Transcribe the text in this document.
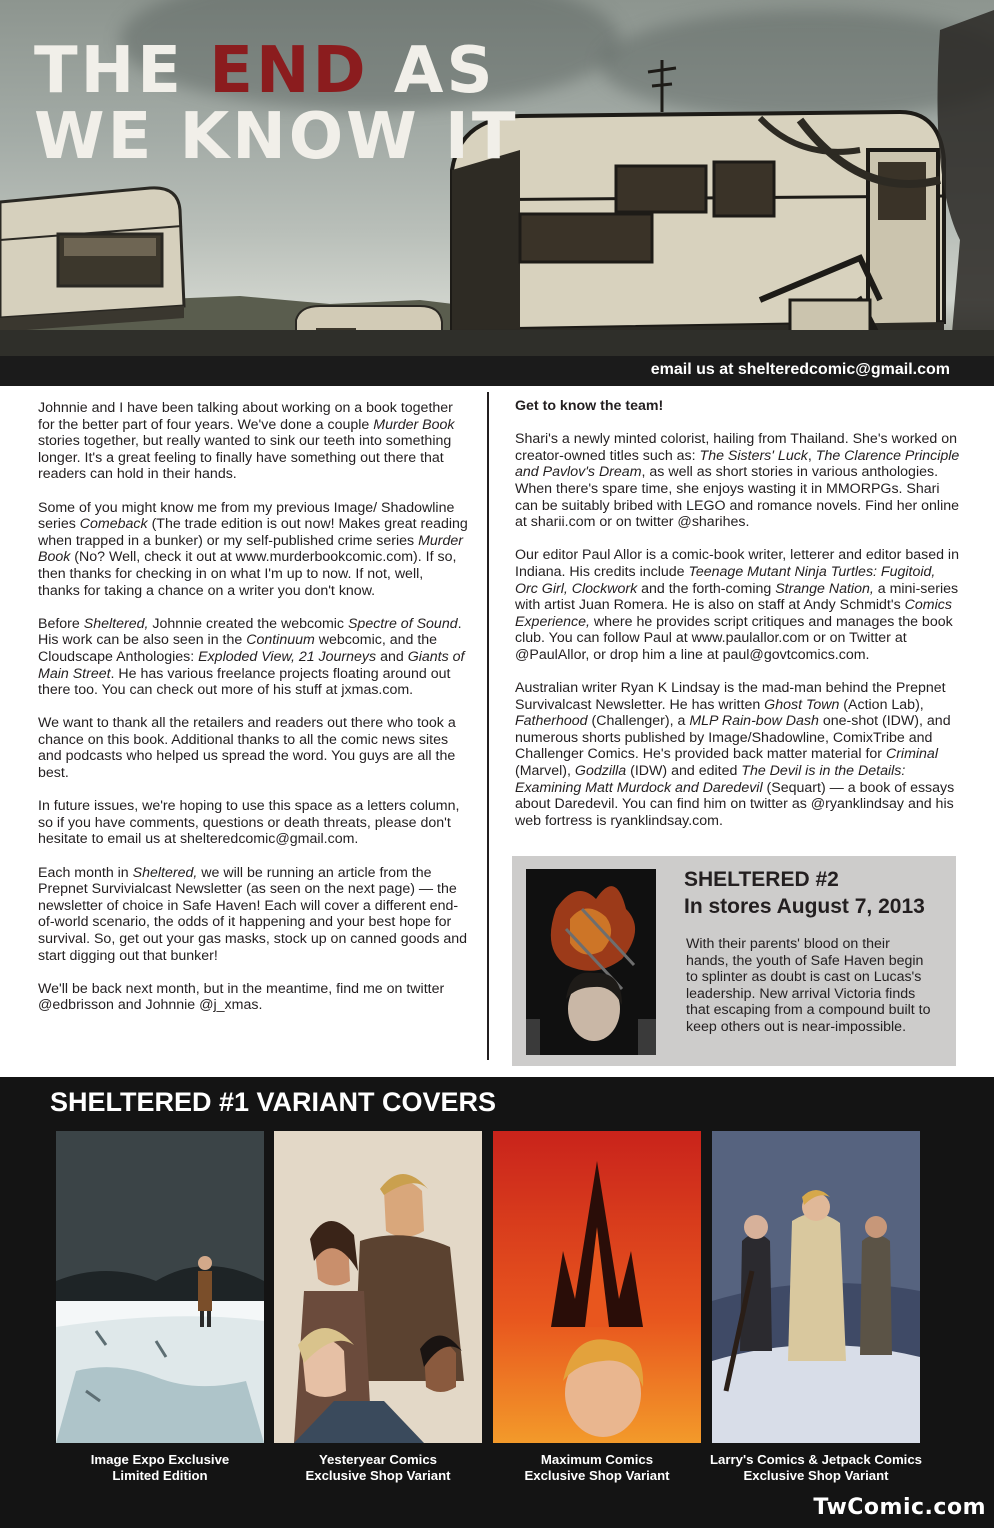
THE END AS
WE KNOW IT
email us at shelteredcomic@gmail.com

Johnnie and I have been talking about working on a book together for the better part of four years. We've done a couple Murder Book stories together, but really wanted to sink our teeth into something longer. It's a great feeling to finally have something out there that readers can hold in their hands.

Some of you might know me from my previous Image/ Shadowline series Comeback (The trade edition is out now! Makes great reading when trapped in a bunker) or my self-published crime series Murder Book (No? Well, check it out at www.murderbookcomic.com). If so, then thanks for checking in on what I'm up to now. If not, well, thanks for taking a chance on a writer you don't know.

Before Sheltered, Johnnie created the webcomic Spectre of Sound. His work can be also seen in the Continuum webcomic, and the Cloudscape Anthologies: Exploded View, 21 Journeys and Giants of Main Street. He has various freelance projects floating around out there too. You can check out more of his stuff at jxmas.com.

We want to thank all the retailers and readers out there who took a chance on this book. Additional thanks to all the comic news sites and podcasts who helped us spread the word. You guys are all the best.

In future issues, we're hoping to use this space as a letters column, so if you have comments, questions or death threats, please don't hesitate to email us at shelteredcomic@gmail.com.

Each month in Sheltered, we will be running an article from the Prepnet Survivialcast Newsletter (as seen on the next page) — the newsletter of choice in Safe Haven! Each will cover a different end-of-world scenario, the odds of it happening and your best hope for survival. So, get out your gas masks, stock up on canned goods and start digging out that bunker!

We'll be back next month, but in the meantime, find me on twitter @edbrisson and Johnnie @j_xmas.

Get to know the team!

Shari's a newly minted colorist, hailing from Thailand. She's worked on creator-owned titles such as: The Sisters' Luck, The Clarence Principle and Pavlov's Dream, as well as short stories in various anthologies. When there's spare time, she enjoys wasting it in MMORPGs. Shari can be suitably bribed with LEGO and romance novels. Find her online at sharii.com or on twitter @sharihes.

Our editor Paul Allor is a comic-book writer, letterer and editor based in Indiana. His credits include Teenage Mutant Ninja Turtles: Fugitoid, Orc Girl, Clockwork and the forth-coming Strange Nation, a mini-series with artist Juan Romera. He is also on staff at Andy Schmidt's Comics Experience, where he provides script critiques and manages the book club. You can follow Paul at www.paulallor.com or on Twitter at @PaulAllor, or drop him a line at paul@govtcomics.com.

Australian writer Ryan K Lindsay is the mad-man behind the Prepnet Survivalcast Newsletter. He has written Ghost Town (Action Lab), Fatherhood (Challenger), a MLP Rain-bow Dash one-shot (IDW), and numerous shorts published by Image/Shadowline, ComixTribe and Challenger Comics. He's provided back matter material for Criminal (Marvel), Godzilla (IDW) and edited The Devil is in the Details: Examining Matt Murdock and Daredevil (Sequart) — a book of essays about Daredevil. You can find him on twitter as @ryanklindsay and his web fortress is ryanklindsay.com.

SHELTERED #2
In stores August 7, 2013
With their parents' blood on their hands, the youth of Safe Haven begin to splinter as doubt is cast on Lucas's leadership. New arrival Victoria finds that escaping from a compound built to keep others out is near-impossible.
SHELTERED #1 VARIANT COVERS
Image Expo Exclusive
Limited Edition
Yesteryear Comics
Exclusive Shop Variant
Maximum Comics
Exclusive Shop Variant
Larry's Comics & Jetpack Comics
Exclusive Shop Variant
TwComic.com
